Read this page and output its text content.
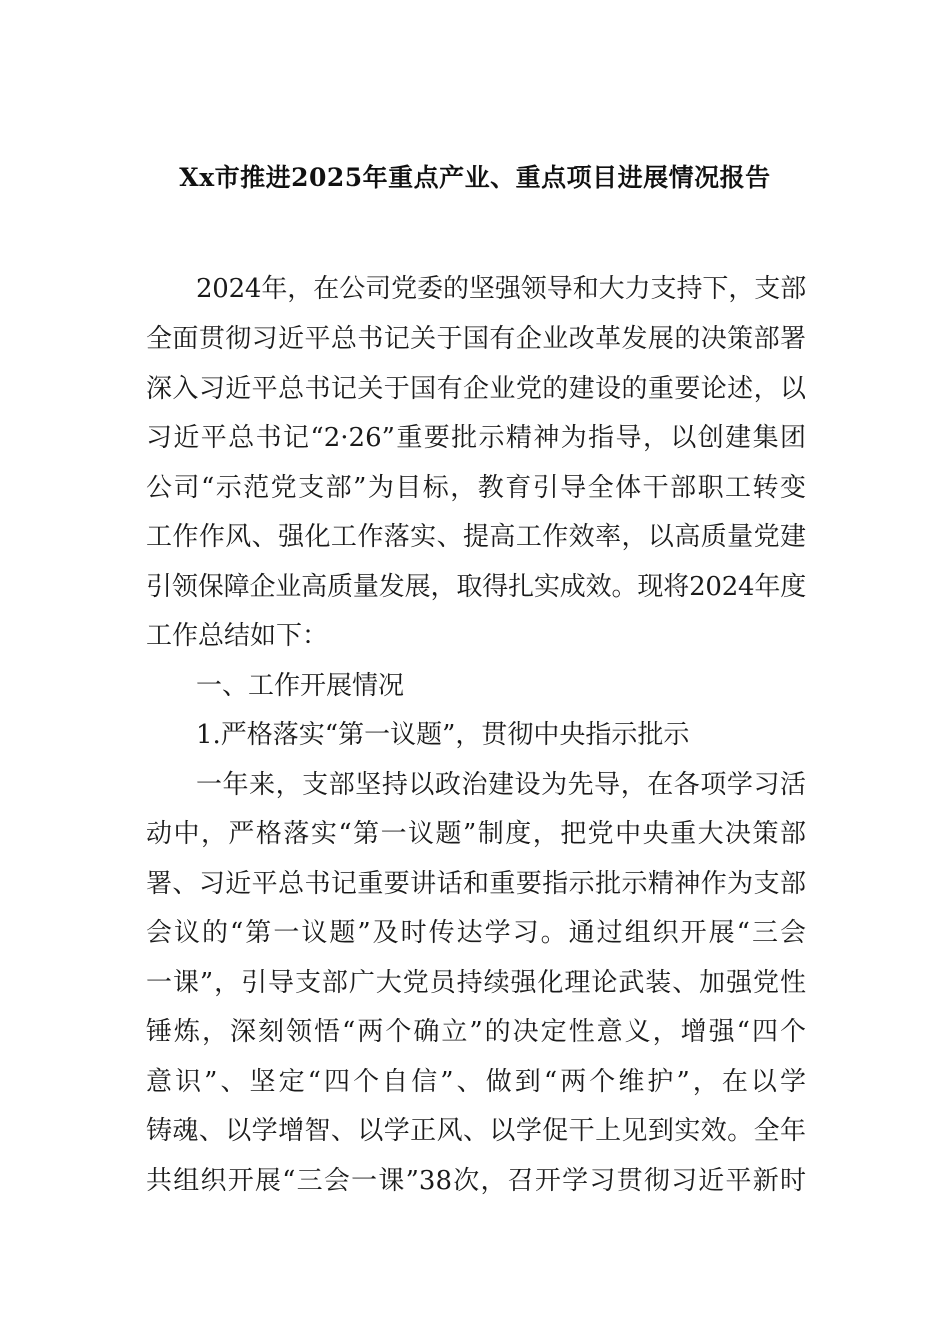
Xx市推进2025年重点产业、重点项目进展情况报告
2024年，在公司党委的坚强领导和大力支持下，支部
全面贯彻习近平总书记关于国有企业改革发展的决策部署
深入习近平总书记关于国有企业党的建设的重要论述，以
习近平总书记“2·26”重要批示精神为指导，以创建集团
公司“示范党支部”为目标，教育引导全体干部职工转变
工作作风、强化工作落实、提高工作效率，以高质量党建
引领保障企业高质量发展，取得扎实成效。现将2024年度
工作总结如下：
一、工作开展情况
1.严格落实“第一议题”，贯彻中央指示批示
一年来，支部坚持以政治建设为先导，在各项学习活
动中，严格落实“第一议题”制度，把党中央重大决策部
署、习近平总书记重要讲话和重要指示批示精神作为支部
会议的“第一议题”及时传达学习。通过组织开展“三会
一课”，引导支部广大党员持续强化理论武装、加强党性
锤炼，深刻领悟“两个确立”的决定性意义，增强“四个
意识”、坚定“四个自信”、做到“两个维护”，在以学
铸魂、以学增智、以学正风、以学促干上见到实效。全年
共组织开展“三会一课”38次，召开学习贯彻习近平新时
